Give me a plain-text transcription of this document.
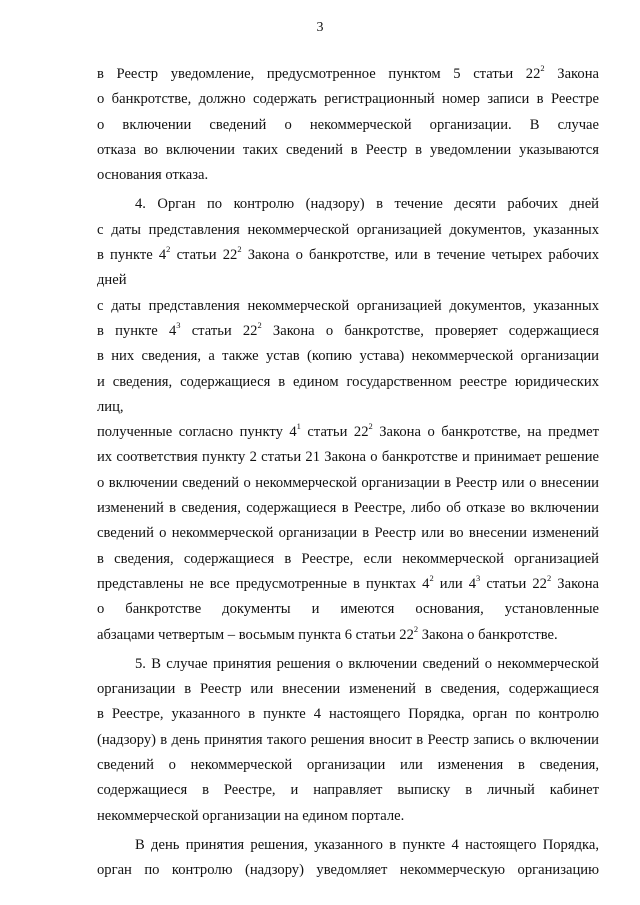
3
в Реестр уведомление, предусмотренное пунктом 5 статьи $22^2$ Закона
о банкротстве, должно содержать регистрационный номер записи в Реестре
о включении сведений о некоммерческой организации. В случае
отказа во включении таких сведений в Реестр в уведомлении указываются
основания отказа.
4. Орган по контролю (надзору) в течение десяти рабочих дней
с даты представления некоммерческой организацией документов, указанных
в пункте $4^2$ статьи $22^2$ Закона о банкротстве, или в течение четырех рабочих дней
с даты представления некоммерческой организацией документов, указанных
в пункте $4^3$ статьи $22^2$ Закона о банкротстве, проверяет содержащиеся
в них сведения, а также устав (копию устава) некоммерческой организации
и сведения, содержащиеся в едином государственном реестре юридических лиц,
полученные согласно пункту $4^1$ статьи $22^2$ Закона о банкротстве, на предмет
их соответствия пункту 2 статьи 21 Закона о банкротстве и принимает решение
о включении сведений о некоммерческой организации в Реестр или о внесении
изменений в сведения, содержащиеся в Реестре, либо об отказе во включении
сведений о некоммерческой организации в Реестр или во внесении изменений
в сведения, содержащиеся в Реестре, если некоммерческой организацией
представлены не все предусмотренные в пунктах $4^2$ или $4^3$ статьи $22^2$ Закона
о банкротстве документы и имеются основания, установленные
абзацами четвертым – восьмым пункта 6 статьи $22^2$ Закона о банкротстве.
5. В случае принятия решения о включении сведений о некоммерческой
организации в Реестр или внесении изменений в сведения, содержащиеся
в Реестре, указанного в пункте 4 настоящего Порядка, орган по контролю
(надзору) в день принятия такого решения вносит в Реестр запись о включении
сведений о некоммерческой организации или изменения в сведения,
содержащиеся в Реестре, и направляет выписку в личный кабинет
некоммерческой организации на едином портале.
В день принятия решения, указанного в пункте 4 настоящего Порядка,
орган по контролю (надзору) уведомляет некоммерческую организацию
